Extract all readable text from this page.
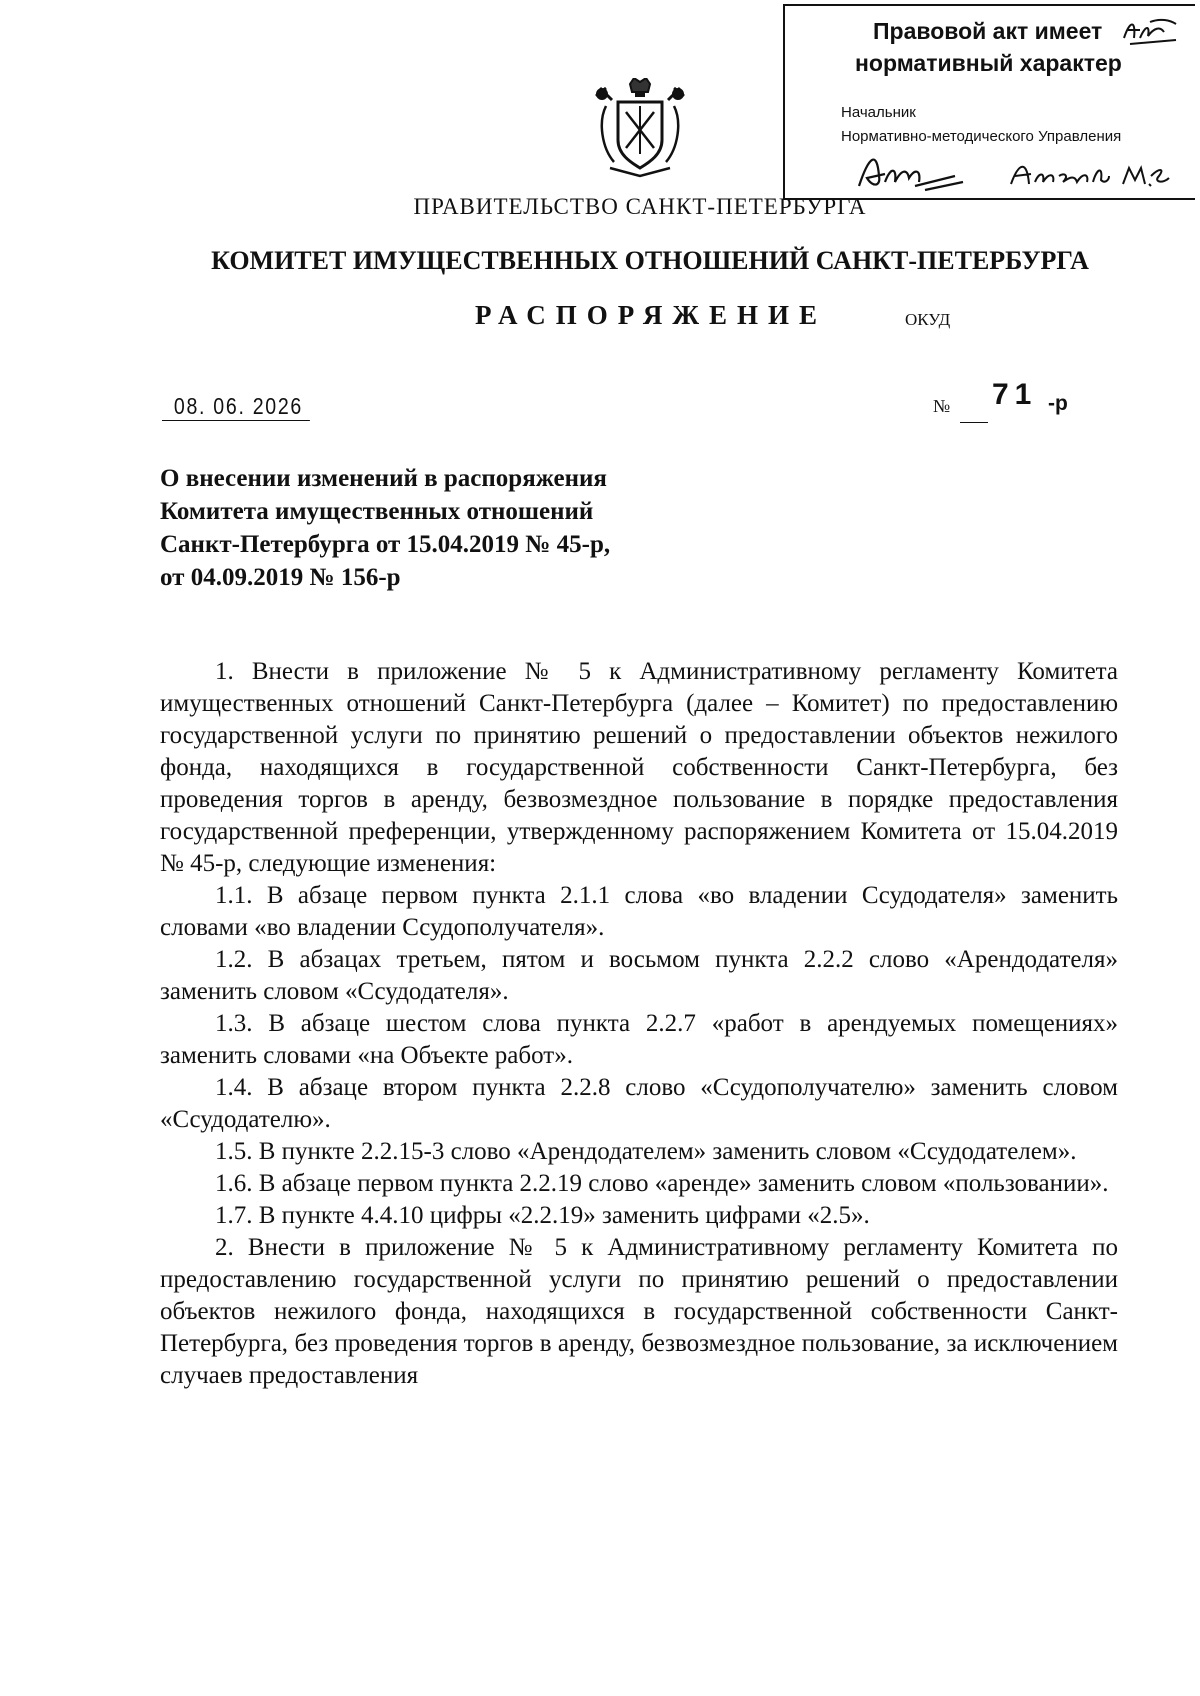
Правовой акт имеет
нормативный характер
Начальник
Нормативно-методического Управления
ПРАВИТЕЛЬСТВО САНКТ-ПЕТЕРБУРГА
КОМИТЕТ ИМУЩЕСТВЕННЫХ ОТНОШЕНИЙ САНКТ-ПЕТЕРБУРГА
РАСПОРЯЖЕНИЕ	ОКУД
08. 06. 2026	№ 71 -р
О внесении изменений в распоряжения
Комитета имущественных отношений
Санкт-Петербурга от 15.04.2019 № 45-р,
от 04.09.2019 № 156-р

1. Внести в приложение № 5 к Административному регламенту Комитета имущественных отношений Санкт-Петербурга (далее – Комитет) по предоставлению государственной услуги по принятию решений о предоставлении объектов нежилого фонда, находящихся в государственной собственности Санкт-Петербурга, без проведения торгов в аренду, безвозмездное пользование в порядке предоставления государственной преференции, утвержденному распоряжением Комитета от 15.04.2019 № 45-р, следующие изменения:

1.1. В абзаце первом пункта 2.1.1 слова «во владении Ссудодателя» заменить словами «во владении Ссудополучателя».

1.2. В абзацах третьем, пятом и восьмом пункта 2.2.2 слово «Арендодателя» заменить словом «Ссудодателя».

1.3. В абзаце шестом слова пункта 2.2.7 «работ в арендуемых помещениях» заменить словами «на Объекте работ».

1.4. В абзаце втором пункта 2.2.8 слово «Ссудополучателю» заменить словом «Ссудодателю».

1.5. В пункте 2.2.15-3 слово «Арендодателем» заменить словом «Ссудодателем».

1.6. В абзаце первом пункта 2.2.19 слово «аренде» заменить словом «пользовании».

1.7. В пункте 4.4.10 цифры «2.2.19» заменить цифрами «2.5».

2. Внести в приложение № 5 к Административному регламенту Комитета по предоставлению государственной услуги по принятию решений о предоставлении объектов нежилого фонда, находящихся в государственной собственности Санкт-Петербурга, без проведения торгов в аренду, безвозмездное пользование, за исключением случаев предоставления
